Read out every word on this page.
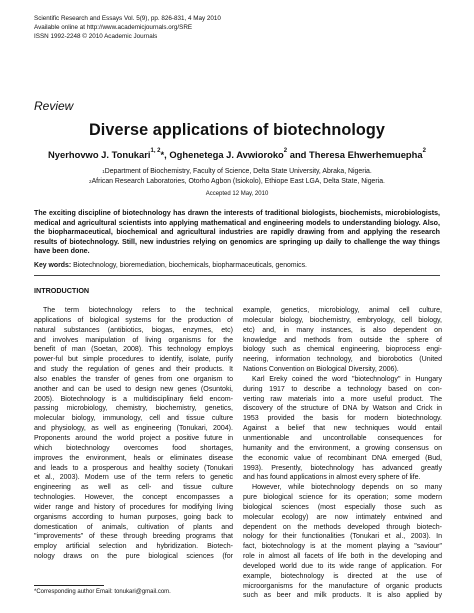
Scientific Research and Essays Vol. 5(9), pp. 826-831, 4 May 2010
Available online at http://www.academicjournals.org/SRE
ISSN 1992-2248 © 2010 Academic Journals
Review
Diverse applications of biotechnology
Nyerhovwo J. Tonukari$^{1, 2}$*, Oghenetega J. Avwioroko$^2$ and Theresa Ehwerhemuepha$^2$
$^1$Department of Biochemistry, Faculty of Science, Delta State University, Abraka, Nigeria.
$^2$African Research Laboratories, Otorho Agbon (Isiokolo), Ethiope East LGA, Delta State, Nigeria.
Accepted 12 May, 2010
The exciting discipline of biotechnology has drawn the interests of traditional biologists, biochemists, microbiologists, medical and agricultural scientists into applying mathematical and engineering models to understanding biology. Also, the biopharmaceutical, biochemical and agricultural industries are rapidly drawing from and applying the research results of biotechnology. Still, new industries relying on genomics are springing up daily to challenge the way things have been done.
Key words: Biotechnology, bioremediation, biochemicals, biopharmaceuticals, genomics.
INTRODUCTION
The term biotechnology refers to the technical
applications of biological systems for the production of
natural substances (antibiotics, biogas, enzymes, etc)
and involves manipulation of living organisms for the
benefit of man (Soetan, 2008). This technology employs
power-ful but simple procedures to identify, isolate, purify
and study the regulation of genes and their products. It
also enables the transfer of genes from one organism to
another and can be used to design new genes (Osuntoki,
2005). Biotechnology is a multidisciplinary field encom-
passing microbiology, chemistry, biochemistry, genetics,
molecular biology, immunology, cell and tissue culture
and physiology, as well as engineering (Tonukari, 2004).
Proponents around the world project a positive future in
which biotechnology overcomes food shortages,
improves the environment, heals or eliminates disease
and leads to a prosperous and healthy society (Tonukari
et al., 2003). Modern use of the term refers to genetic
engineering as well as cell- and tissue culture
technologies. However, the concept encompasses a
wider range and history of procedures for modifying living
organisms according to human purposes, going back to
domestication of animals, cultivation of plants and
"improvements" of these through breeding programs that
employ artificial selection and hybridization. Biotech-
nology draws on the pure biological sciences (for
example, genetics, microbiology, animal cell culture,
molecular biology, biochemistry, embryology, cell biology,
etc) and, in many instances, is also dependent on
knowledge and methods from outside the sphere of
biology such as chemical engineering, bioprocess engi-
neering, information technology, and biorobotics (United
Nations Convention on Biological Diversity, 2006).
Karl Ereky coined the word "biotechnology" in Hungary
during 1917 to describe a technology based on con-
verting raw materials into a more useful product. The
discovery of the structure of DNA by Watson and Crick in
1953 provided the basis for modern biotechnology.
Against a belief that new techniques would entail
unmentionable and uncontrollable consequences for
humanity and the environment, a growing consensus on
the economic value of recombinant DNA emerged (Bud,
1993). Presently, biotechnology has advanced greatly
and has found applications in almost every sphere of life.
However, while biotechnology depends on so many
pure biological science for its operation; some modern
biological sciences (most especially those such as
molecular ecology) are now intimately entwined and
dependent on the methods developed through biotech-
nology for their functionalities (Tonukari et al., 2003). In
fact, biotechnology is at the moment playing a "saviour"
role in almost all facets of life both in the developing and
developed world due to its wide range of application. For
example, biotechnology is directed at the use of
microorganisms for the manufacture of organic products
such as beer and milk products. It is also applied by
*Corresponding author Email: tonukari@gmail.com.
